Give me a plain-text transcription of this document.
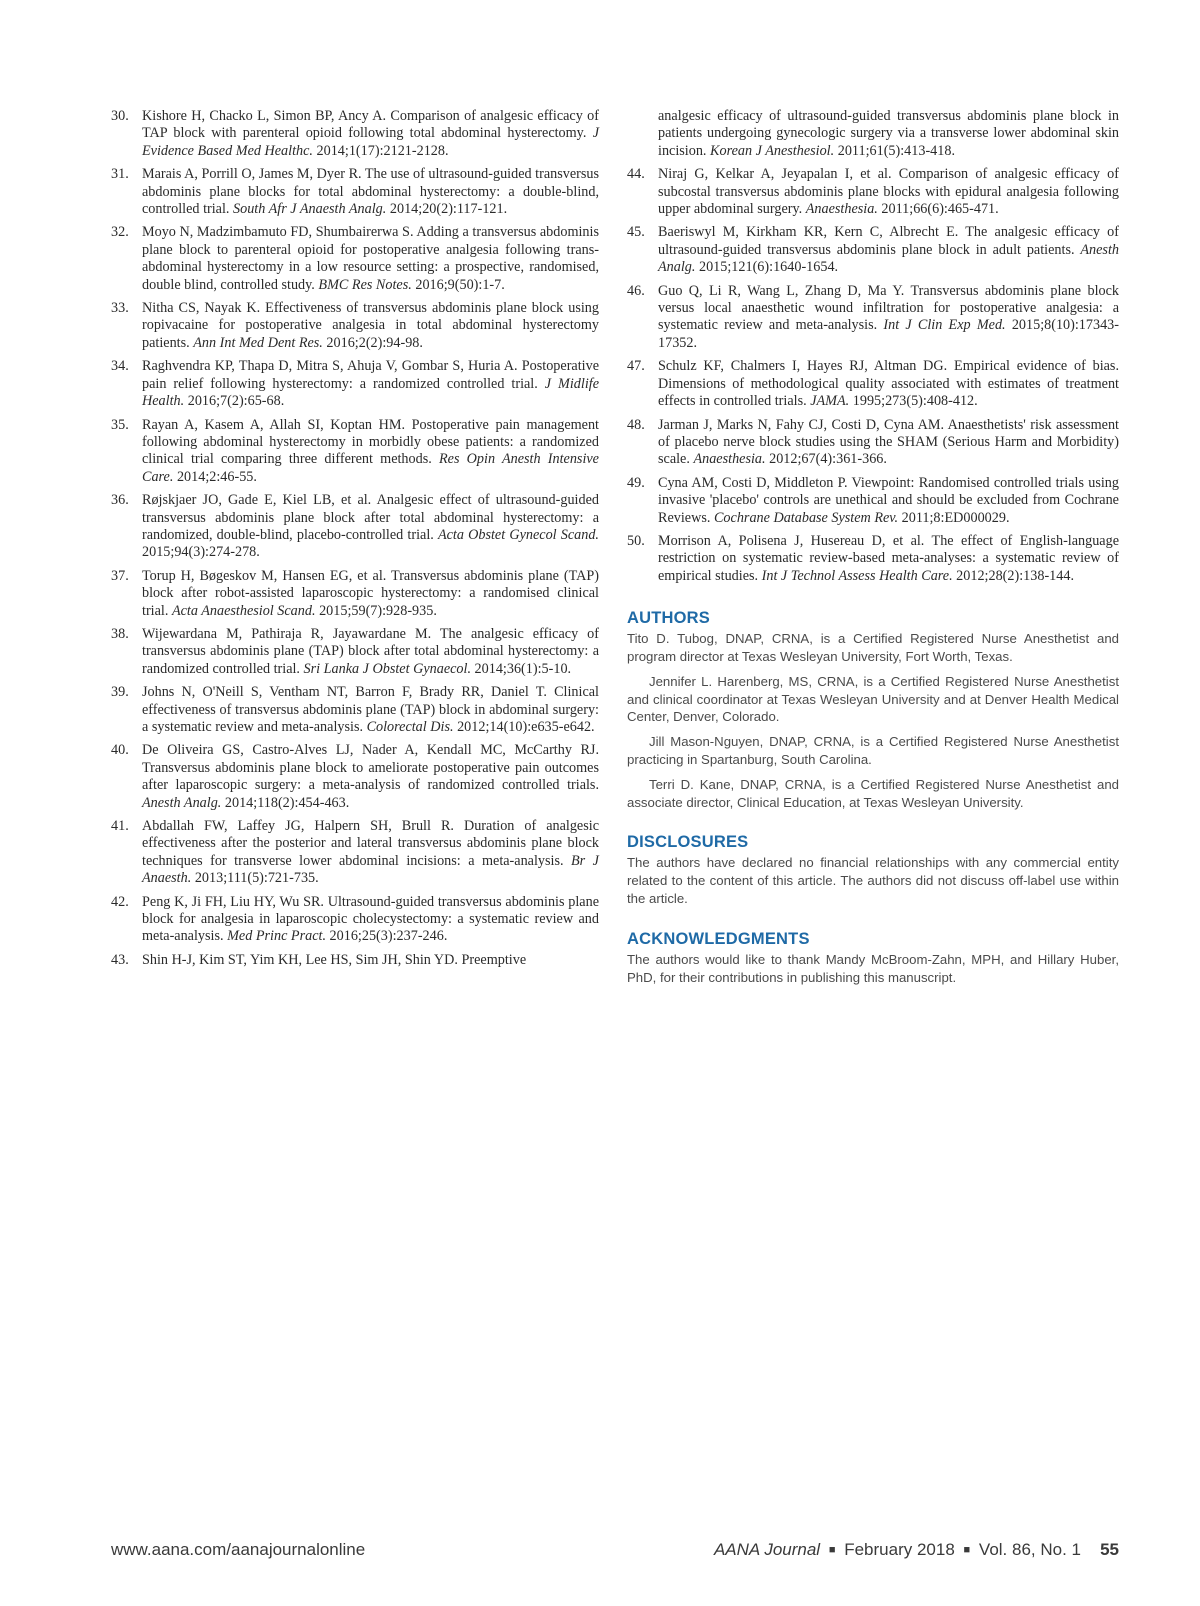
30. Kishore H, Chacko L, Simon BP, Ancy A. Comparison of analgesic efficacy of TAP block with parenteral opioid following total abdominal hysterectomy. J Evidence Based Med Healthc. 2014;1(17):2121-2128.
31. Marais A, Porrill O, James M, Dyer R. The use of ultrasound-guided transversus abdominis plane blocks for total abdominal hysterectomy: a double-blind, controlled trial. South Afr J Anaesth Analg. 2014;20(2):117-121.
32. Moyo N, Madzimbamuto FD, Shumbairerwa S. Adding a transversus abdominis plane block to parenteral opioid for postoperative analgesia following trans-abdominal hysterectomy in a low resource setting: a prospective, randomised, double blind, controlled study. BMC Res Notes. 2016;9(50):1-7.
33. Nitha CS, Nayak K. Effectiveness of transversus abdominis plane block using ropivacaine for postoperative analgesia in total abdominal hysterectomy patients. Ann Int Med Dent Res. 2016;2(2):94-98.
34. Raghvendra KP, Thapa D, Mitra S, Ahuja V, Gombar S, Huria A. Postoperative pain relief following hysterectomy: a randomized controlled trial. J Midlife Health. 2016;7(2):65-68.
35. Rayan A, Kasem A, Allah SI, Koptan HM. Postoperative pain management following abdominal hysterectomy in morbidly obese patients: a randomized clinical trial comparing three different methods. Res Opin Anesth Intensive Care. 2014;2:46-55.
36. Røjskjaer JO, Gade E, Kiel LB, et al. Analgesic effect of ultrasound-guided transversus abdominis plane block after total abdominal hysterectomy: a randomized, double-blind, placebo-controlled trial. Acta Obstet Gynecol Scand. 2015;94(3):274-278.
37. Torup H, Bøgeskov M, Hansen EG, et al. Transversus abdominis plane (TAP) block after robot-assisted laparoscopic hysterectomy: a randomised clinical trial. Acta Anaesthesiol Scand. 2015;59(7):928-935.
38. Wijewardana M, Pathiraja R, Jayawardane M. The analgesic efficacy of transversus abdominis plane (TAP) block after total abdominal hysterectomy: a randomized controlled trial. Sri Lanka J Obstet Gynaecol. 2014;36(1):5-10.
39. Johns N, O'Neill S, Ventham NT, Barron F, Brady RR, Daniel T. Clinical effectiveness of transversus abdominis plane (TAP) block in abdominal surgery: a systematic review and meta-analysis. Colorectal Dis. 2012;14(10):e635-e642.
40. De Oliveira GS, Castro-Alves LJ, Nader A, Kendall MC, McCarthy RJ. Transversus abdominis plane block to ameliorate postoperative pain outcomes after laparoscopic surgery: a meta-analysis of randomized controlled trials. Anesth Analg. 2014;118(2):454-463.
41. Abdallah FW, Laffey JG, Halpern SH, Brull R. Duration of analgesic effectiveness after the posterior and lateral transversus abdominis plane block techniques for transverse lower abdominal incisions: a meta-analysis. Br J Anaesth. 2013;111(5):721-735.
42. Peng K, Ji FH, Liu HY, Wu SR. Ultrasound-guided transversus abdominis plane block for analgesia in laparoscopic cholecystectomy: a systematic review and meta-analysis. Med Princ Pract. 2016;25(3):237-246.
43. Shin H-J, Kim ST, Yim KH, Lee HS, Sim JH, Shin YD. Preemptive
analgesic efficacy of ultrasound-guided transversus abdominis plane block in patients undergoing gynecologic surgery via a transverse lower abdominal skin incision. Korean J Anesthesiol. 2011;61(5):413-418.
44. Niraj G, Kelkar A, Jeyapalan I, et al. Comparison of analgesic efficacy of subcostal transversus abdominis plane blocks with epidural analgesia following upper abdominal surgery. Anaesthesia. 2011;66(6):465-471.
45. Baeriswyl M, Kirkham KR, Kern C, Albrecht E. The analgesic efficacy of ultrasound-guided transversus abdominis plane block in adult patients. Anesth Analg. 2015;121(6):1640-1654.
46. Guo Q, Li R, Wang L, Zhang D, Ma Y. Transversus abdominis plane block versus local anaesthetic wound infiltration for postoperative analgesia: a systematic review and meta-analysis. Int J Clin Exp Med. 2015;8(10):17343-17352.
47. Schulz KF, Chalmers I, Hayes RJ, Altman DG. Empirical evidence of bias. Dimensions of methodological quality associated with estimates of treatment effects in controlled trials. JAMA. 1995;273(5):408-412.
48. Jarman J, Marks N, Fahy CJ, Costi D, Cyna AM. Anaesthetists' risk assessment of placebo nerve block studies using the SHAM (Serious Harm and Morbidity) scale. Anaesthesia. 2012;67(4):361-366.
49. Cyna AM, Costi D, Middleton P. Viewpoint: Randomised controlled trials using invasive 'placebo' controls are unethical and should be excluded from Cochrane Reviews. Cochrane Database System Rev. 2011;8:ED000029.
50. Morrison A, Polisena J, Husereau D, et al. The effect of English-language restriction on systematic review-based meta-analyses: a systematic review of empirical studies. Int J Technol Assess Health Care. 2012;28(2):138-144.
AUTHORS

Tito D. Tubog, DNAP, CRNA, is a Certified Registered Nurse Anesthetist and program director at Texas Wesleyan University, Fort Worth, Texas.

Jennifer L. Harenberg, MS, CRNA, is a Certified Registered Nurse Anesthetist and clinical coordinator at Texas Wesleyan University and at Denver Health Medical Center, Denver, Colorado.

Jill Mason-Nguyen, DNAP, CRNA, is a Certified Registered Nurse Anesthetist practicing in Spartanburg, South Carolina.

Terri D. Kane, DNAP, CRNA, is a Certified Registered Nurse Anesthetist and associate director, Clinical Education, at Texas Wesleyan University.

DISCLOSURES

The authors have declared no financial relationships with any commercial entity related to the content of this article. The authors did not discuss off-label use within the article.

ACKNOWLEDGMENTS

The authors would like to thank Mandy McBroom-Zahn, MPH, and Hillary Huber, PhD, for their contributions in publishing this manuscript.

www.aana.com/aanajournalonline	AANA Journal ■ February 2018 ■ Vol. 86, No. 1 55
